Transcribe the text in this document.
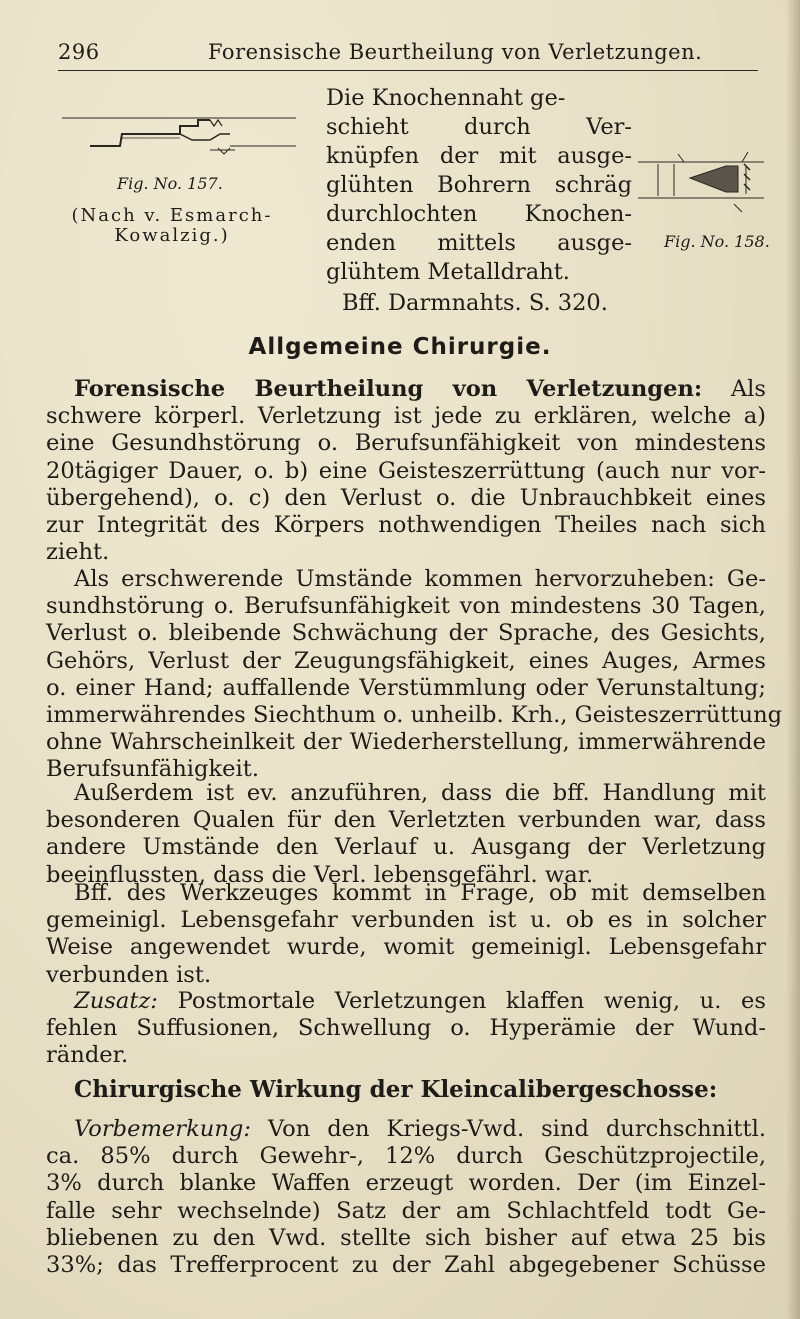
296	Forensische Beurtheilung von Verletzungen.
Fig. No. 157.
(Nach v. Esmarch-
Kowalzig.)
Die Knochennaht ge-
schieht durch Ver-
knüpfen der mit ausge-
glühten Bohrern schräg
durchlochten Knochen-
enden mittels ausge-
glühtem Metalldraht.
Bff. Darmnahts. S. 320.
Fig. No. 158.
Allgemeine Chirurgie.
Forensische Beurtheilung von Verletzungen: Als
schwere körperl. Verletzung ist jede zu erklären, welche a)
eine Gesundhstörung o. Berufsunfähigkeit von mindestens
20tägiger Dauer, o. b) eine Geisteszerrüttung (auch nur vor-
übergehend), o. c) den Verlust o. die Unbrauchbkeit eines
zur Integrität des Körpers nothwendigen Theiles nach sich
zieht.
Als erschwerende Umstände kommen hervorzuheben: Ge-
sundhstörung o. Berufsunfähigkeit von mindestens 30 Tagen,
Verlust o. bleibende Schwächung der Sprache, des Gesichts,
Gehörs, Verlust der Zeugungsfähigkeit, eines Auges, Armes
o. einer Hand; auffallende Verstümmlung oder Verunstaltung;
immerwährendes Siechthum o. unheilb. Krh., Geisteszerrüttung
ohne Wahrscheinlkeit der Wiederherstellung, immerwährende
Berufsunfähigkeit.
Außerdem ist ev. anzuführen, dass die bff. Handlung mit
besonderen Qualen für den Verletzten verbunden war, dass
andere Umstände den Verlauf u. Ausgang der Verletzung
beeinflussten, dass die Verl. lebensgefährl. war.
Bff. des Werkzeuges kommt in Frage, ob mit demselben
gemeinigl. Lebensgefahr verbunden ist u. ob es in solcher
Weise angewendet wurde, womit gemeinigl. Lebensgefahr
verbunden ist.
Zusatz: Postmortale Verletzungen klaffen wenig, u. es
fehlen Suffusionen, Schwellung o. Hyperämie der Wund-
ränder.
Chirurgische Wirkung der Kleincalibergeschosse:
Vorbemerkung: Von den Kriegs-Vwd. sind durchschnittl.
ca. 85% durch Gewehr-, 12% durch Geschützprojectile,
3% durch blanke Waffen erzeugt worden. Der (im Einzel-
falle sehr wechselnde) Satz der am Schlachtfeld todt Ge-
bliebenen zu den Vwd. stellte sich bisher auf etwa 25 bis
33%; das Trefferprocent zu der Zahl abgegebener Schüsse
